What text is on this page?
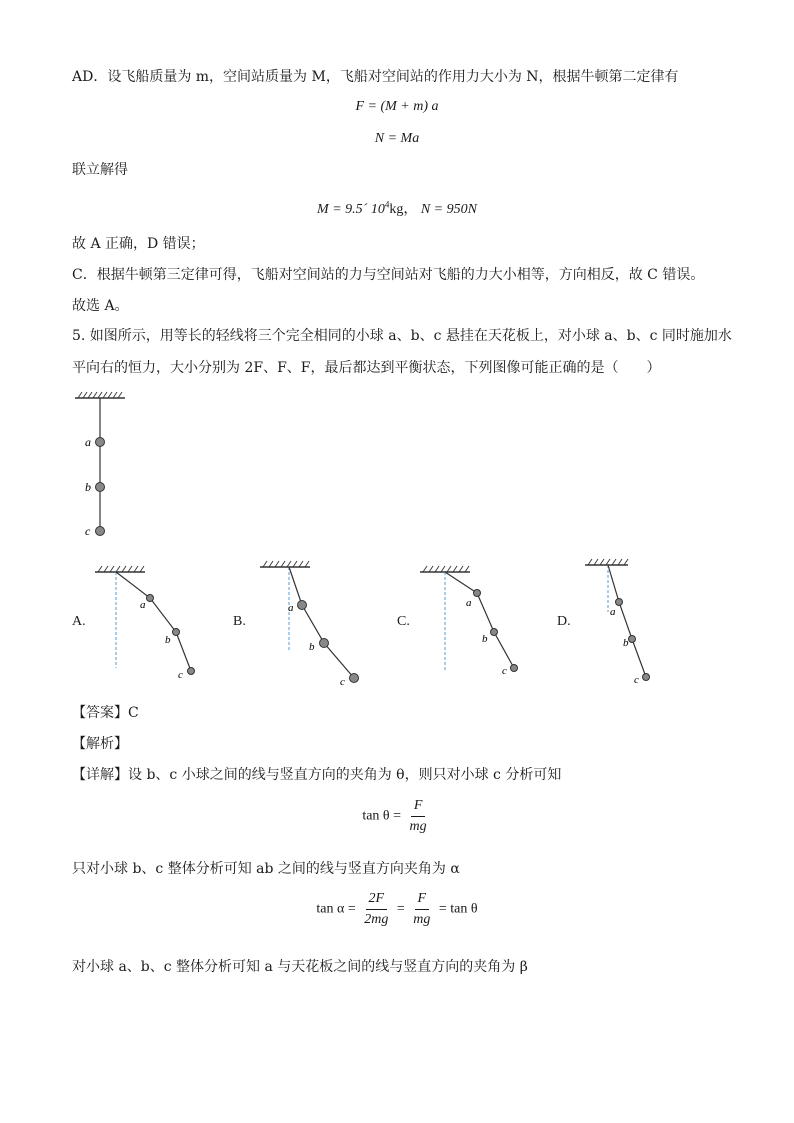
AD．设飞船质量为 m，空间站质量为 M，飞船对空间站的作用力大小为 N，根据牛顿第二定律有
F = (M + m) a
N = Ma
联立解得
M = 9.5´ $10^4kg$， N = 950N
故 A 正确，D 错误；
C．根据牛顿第三定律可得，飞船对空间站的力与空间站对飞船的力大小相等，方向相反，故 C 错误。
故选 A。
5. 如图所示，用等长的轻线将三个完全相同的小球 a、b、c 悬挂在天花板上，对小球 a、b、c 同时施加水
平向右的恒力，大小分别为 2F、F、F，最后都达到平衡状态，下列图像可能正确的是（　　）
a
b
c
A.	B.	C.	D.
a
b
c
a
b
c
a
b
c
a
b
c
【答案】C
【解析】
【详解】设 b、c 小球之间的线与竖直方向的夹角为 θ，则只对小球 c 分析可知
$\tan \theta = \frac{F}{mg}$
只对小球 b、c 整体分析可知 ab 之间的线与竖直方向夹角为 α
$\tan \alpha = \frac{2F}{2mg} = \frac{F}{mg} = \tan \theta$
对小球 a、b、c 整体分析可知 a 与天花板之间的线与竖直方向的夹角为 β
